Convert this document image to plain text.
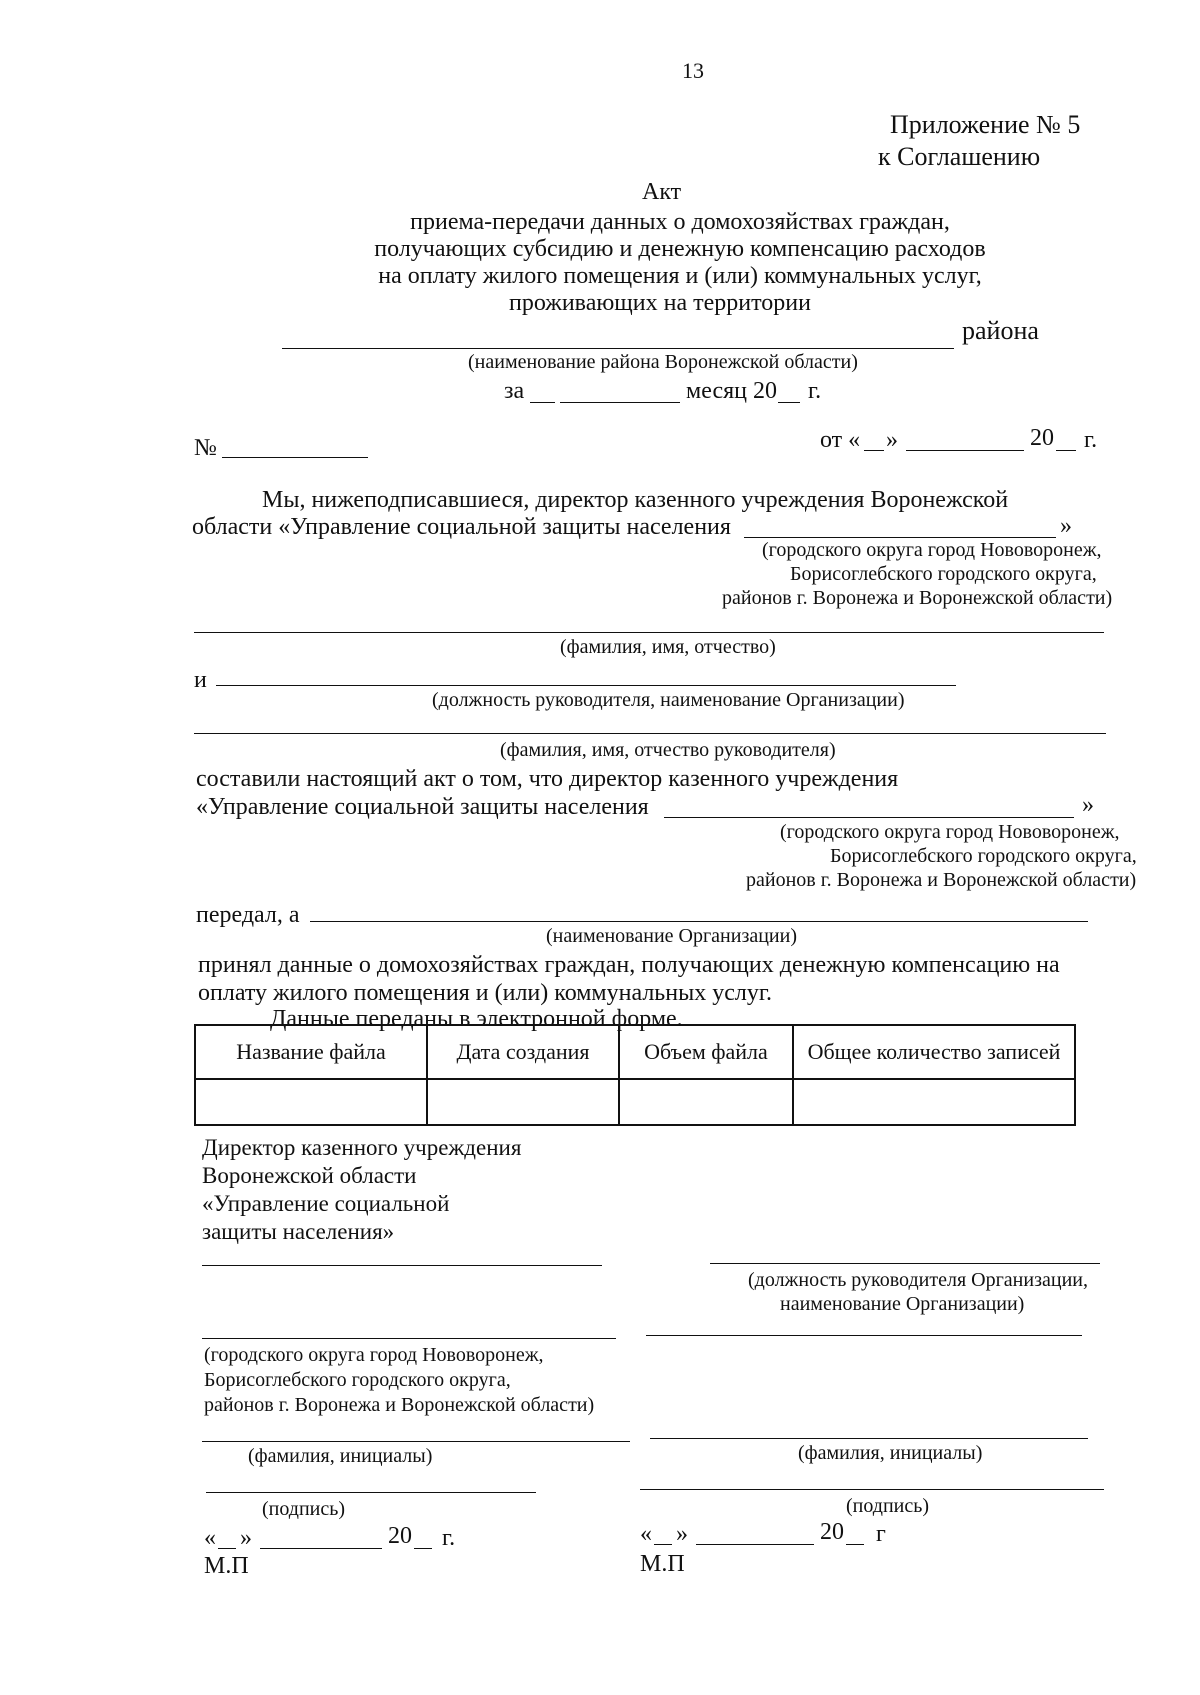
13
Приложение № 5
к Соглашению
Акт
приема-передачи данных о домохозяйствах граждан,
получающих субсидию и денежную компенсацию расходов
на оплату жилого помещения и (или) коммунальных услуг,
проживающих на территории
района
(наименование района Воронежской области)
за	месяц 20 г.
№	от « »	20 г.
Мы, нижеподписавшиеся, директор казенного учреждения Воронежской
области «Управление социальной защиты населения	»
(городского округа город Нововоронеж,
Борисоглебского городского округа,
районов г. Воронежа и Воронежской области)
(фамилия, имя, отчество)
и
(должность руководителя, наименование Организации)
(фамилия, имя, отчество руководителя)
составили настоящий акт о том, что директор казенного учреждения
«Управление социальной защиты населения	»
(городского округа город Нововоронеж,
Борисоглебского городского округа,
районов г. Воронежа и Воронежской области)
передал, а
(наименование Организации)
принял данные о домохозяйствах граждан, получающих денежную компенсацию на
оплату жилого помещения и (или) коммунальных услуг.
Данные переданы в электронной форме.
Название файла	Дата создания	Объем файла	Общее количество записей

Директор казенного учреждения
Воронежской области
«Управление социальной
защиты населения»
(должность руководителя Организации,
наименование Организации)
(городского округа город Нововоронеж,
Борисоглебского городского округа,
районов г. Воронежа и Воронежской области)
(фамилия, инициалы)	(фамилия, инициалы)
(подпись)	(подпись)
« »	20 г.
М.П
« »	20 г
М.П
